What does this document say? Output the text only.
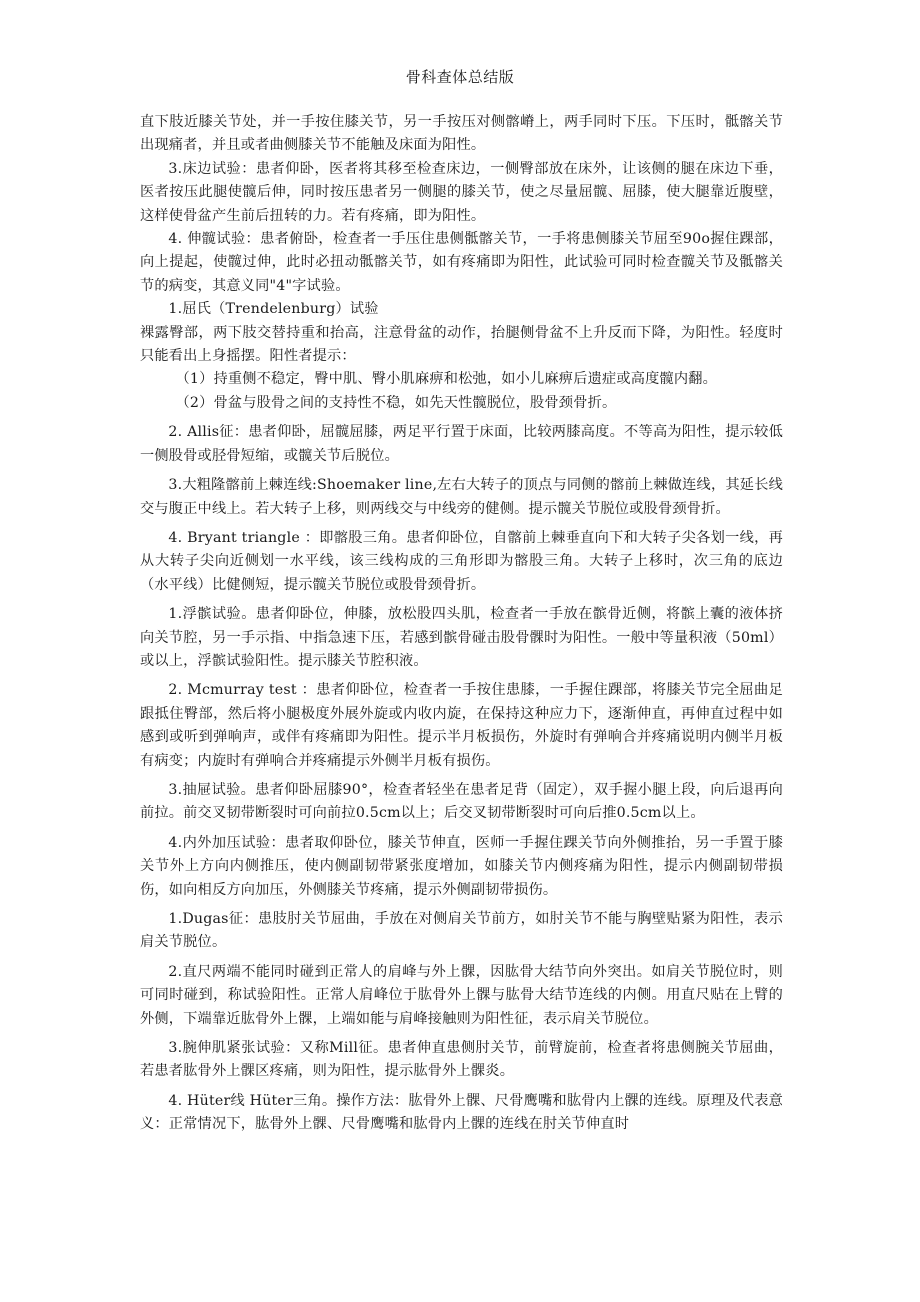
骨科查体总结版

直下肢近膝关节处，并一手按住膝关节，另一手按压对侧髂嵴上，两手同时下压。下压时，骶髂关节出现痛者，并且或者曲侧膝关节不能触及床面为阳性。

3.床边试验：患者仰卧，医者将其移至检查床边，一侧臀部放在床外，让该侧的腿在床边下垂，医者按压此腿使髋后伸，同时按压患者另一侧腿的膝关节，使之尽量屈髋、屈膝，使大腿靠近腹壁，这样使骨盆产生前后扭转的力。若有疼痛，即为阳性。

4. 伸髋试验：患者俯卧，检查者一手压住患侧骶髂关节，一手将患侧膝关节屈至90o握住踝部，向上提起，使髋过伸，此时必扭动骶髂关节，如有疼痛即为阳性，此试验可同时检查髋关节及骶髂关节的病变，其意义同"4"字试验。

1.屈氏（Trendelenburg）试验

裸露臀部，两下肢交替持重和抬高，注意骨盆的动作，抬腿侧骨盆不上升反而下降，为阳性。轻度时只能看出上身摇摆。阳性者提示：

（1）持重侧不稳定，臀中肌、臀小肌麻痹和松弛，如小儿麻痹后遗症或高度髋内翻。

（2）骨盆与股骨之间的支持性不稳，如先天性髋脱位，股骨颈骨折。

2. Allis征：患者仰卧，屈髋屈膝，两足平行置于床面，比较两膝高度。不等高为阳性，提示较低一侧股骨或胫骨短缩，或髋关节后脱位。

3.大粗隆髂前上棘连线:Shoemaker line,左右大转子的顶点与同侧的髂前上棘做连线，其延长线交与腹正中线上。若大转子上移，则两线交与中线旁的健侧。提示髋关节脱位或股骨颈骨折。

4. Bryant triangle ：即髂股三角。患者仰卧位，自髂前上棘垂直向下和大转子尖各划一线，再从大转子尖向近侧划一水平线，该三线构成的三角形即为髂股三角。大转子上移时，次三角的底边（水平线）比健侧短，提示髋关节脱位或股骨颈骨折。

1.浮髌试验。患者仰卧位，伸膝，放松股四头肌，检查者一手放在髌骨近侧，将髌上囊的液体挤向关节腔，另一手示指、中指急速下压，若感到髌骨碰击股骨髁时为阳性。一般中等量积液（50ml）或以上，浮髌试验阳性。提示膝关节腔积液。

2. Mcmurray test ：患者仰卧位，检查者一手按住患膝，一手握住踝部，将膝关节完全屈曲足跟抵住臀部，然后将小腿极度外展外旋或内收内旋，在保持这种应力下，逐渐伸直，再伸直过程中如感到或听到弹响声，或伴有疼痛即为阳性。提示半月板损伤，外旋时有弹响合并疼痛说明内侧半月板有病变；内旋时有弹响合并疼痛提示外侧半月板有损伤。

3.抽屉试验。患者仰卧屈膝90°，检查者轻坐在患者足背（固定），双手握小腿上段，向后退再向前拉。前交叉韧带断裂时可向前拉0.5cm以上；后交叉韧带断裂时可向后推0.5cm以上。

4.内外加压试验：患者取仰卧位，膝关节伸直，医师一手握住踝关节向外侧推抬，另一手置于膝关节外上方向内侧推压，使内侧副韧带紧张度增加，如膝关节内侧疼痛为阳性，提示内侧副韧带损伤，如向相反方向加压，外侧膝关节疼痛，提示外侧副韧带损伤。

1.Dugas征：患肢肘关节屈曲，手放在对侧肩关节前方，如肘关节不能与胸壁贴紧为阳性，表示肩关节脱位。

2.直尺两端不能同时碰到正常人的肩峰与外上髁，因肱骨大结节向外突出。如肩关节脱位时，则可同时碰到，称试验阳性。正常人肩峰位于肱骨外上髁与肱骨大结节连线的内侧。用直尺贴在上臂的外侧，下端靠近肱骨外上髁，上端如能与肩峰接触则为阳性征，表示肩关节脱位。

3.腕伸肌紧张试验：又称Mill征。患者伸直患侧肘关节，前臂旋前，检查者将患侧腕关节屈曲，若患者肱骨外上髁区疼痛，则为阳性，提示肱骨外上髁炎。

4. Hüter线 Hüter三角。操作方法：肱骨外上髁、尺骨鹰嘴和肱骨内上髁的连线。原理及代表意义：正常情况下，肱骨外上髁、尺骨鹰嘴和肱骨内上髁的连线在肘关节伸直时
